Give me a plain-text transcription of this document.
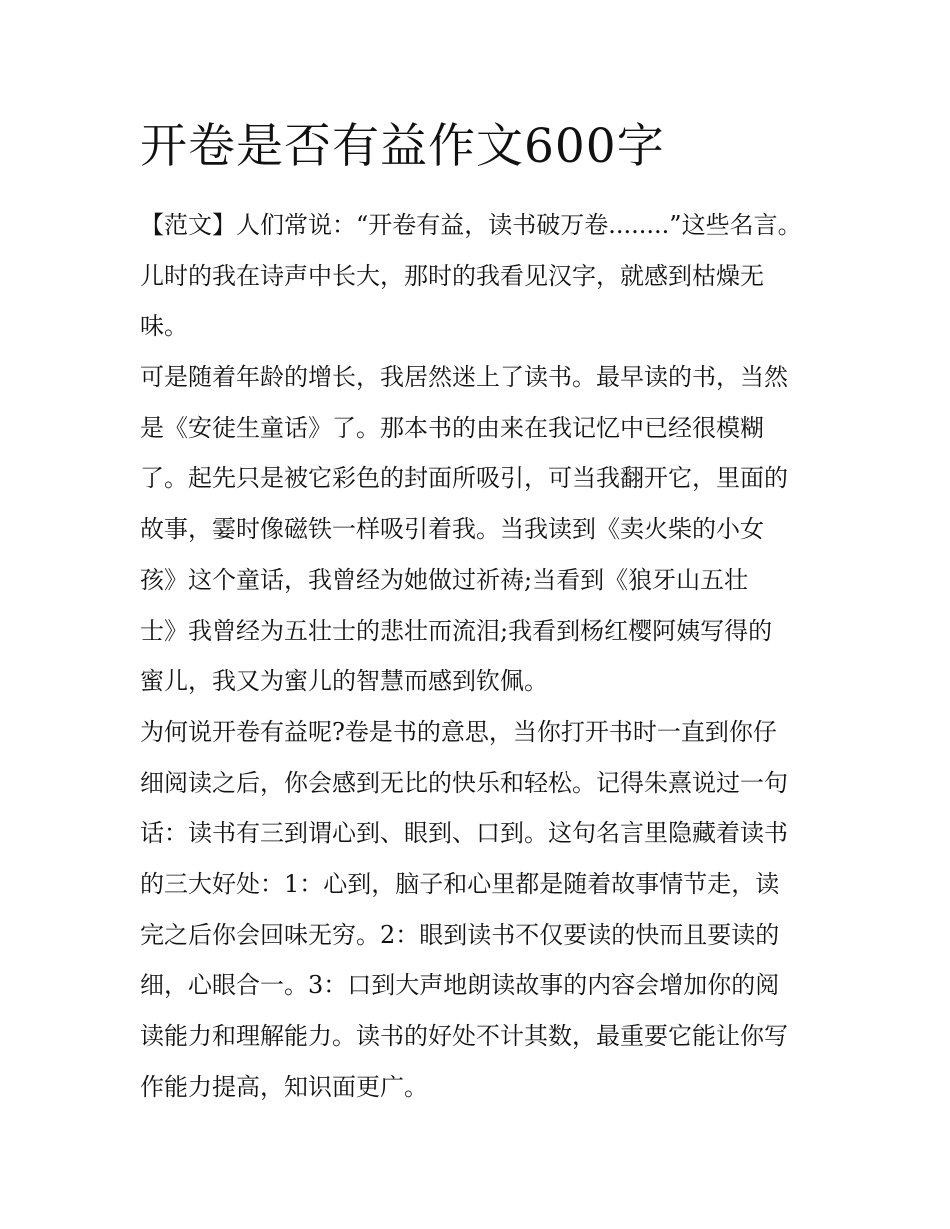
开卷是否有益作文600字
【范文】人们常说：“开卷有益，读书破万卷........”这些名言。
儿时的我在诗声中长大，那时的我看见汉字，就感到枯燥无
味。
可是随着年龄的增长，我居然迷上了读书。最早读的书，当然
是《安徒生童话》了。那本书的由来在我记忆中已经很模糊
了。起先只是被它彩色的封面所吸引，可当我翻开它，里面的
故事，霎时像磁铁一样吸引着我。当我读到《卖火柴的小女
孩》这个童话，我曾经为她做过祈祷;当看到《狼牙山五壮
士》我曾经为五壮士的悲壮而流泪;我看到杨红樱阿姨写得的
蜜儿，我又为蜜儿的智慧而感到钦佩。
为何说开卷有益呢?卷是书的意思，当你打开书时一直到你仔
细阅读之后，你会感到无比的快乐和轻松。记得朱熹说过一句
话：读书有三到谓心到、眼到、口到。这句名言里隐藏着读书
的三大好处：1：心到，脑子和心里都是随着故事情节走，读
完之后你会回味无穷。2：眼到读书不仅要读的快而且要读的
细，心眼合一。3：口到大声地朗读故事的内容会增加你的阅
读能力和理解能力。读书的好处不计其数，最重要它能让你写
作能力提高，知识面更广。
